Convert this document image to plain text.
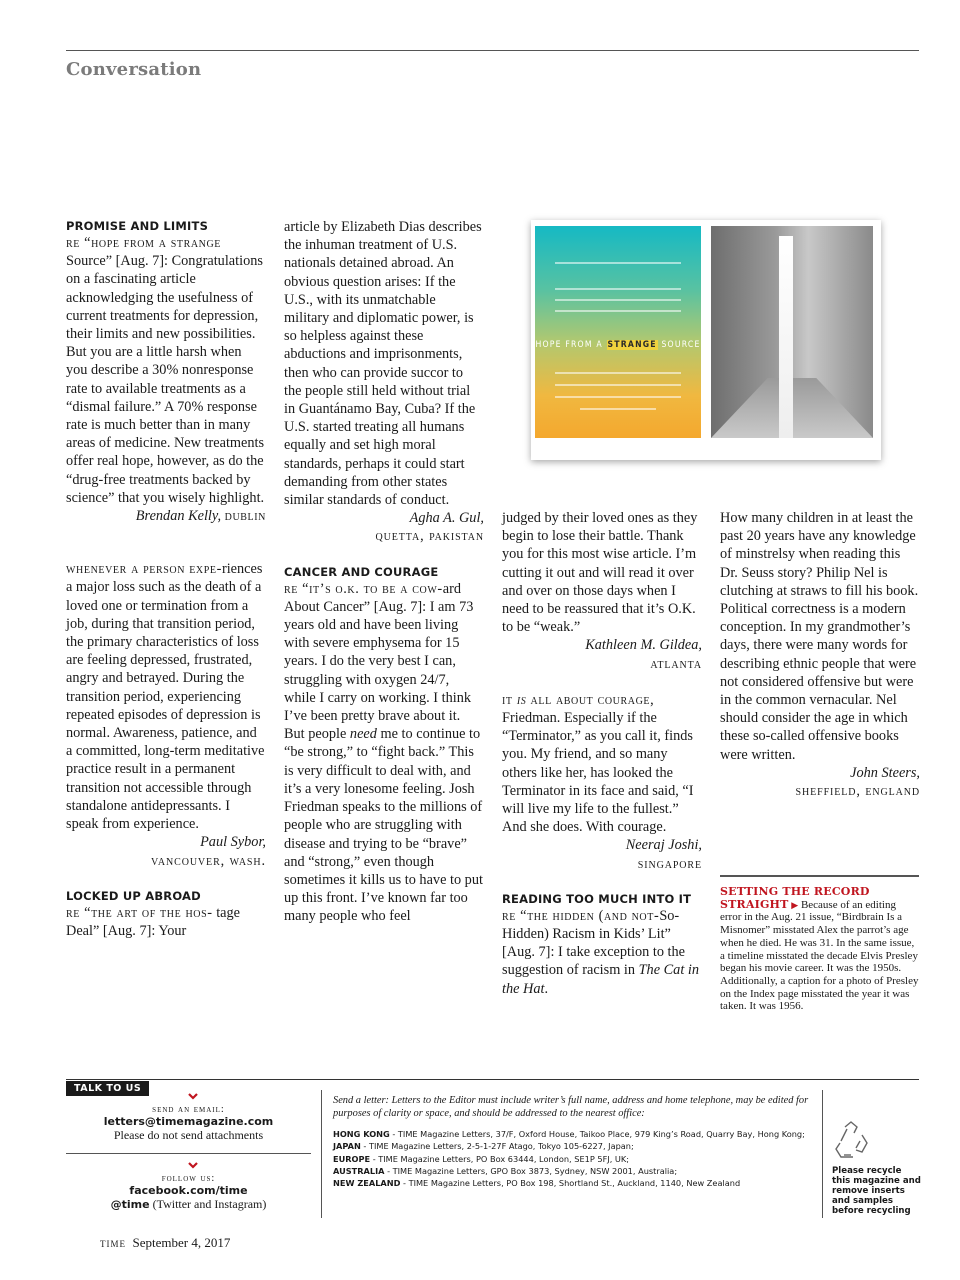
Conversation
PROMISE AND LIMITS

re “hope from a strange Source” [Aug. 7]: Congratulations on a fascinating article acknowledging the usefulness of current treatments for depression, their limits and new possibilities. But you are a little harsh when you describe a 30% nonresponse rate to available treatments as a “dismal failure.” A 70% response rate is much better than in many areas of medicine. New treatments offer real hope, however, as do the “drug-free treatments backed by science” that you wisely highlight.

Brendan Kelly, dublin

whenever a person expe-riences a major loss such as the death of a loved one or termination from a job, during that transition period, the primary characteristics of loss are feeling depressed, frustrated, angry and betrayed. During the transition period, experiencing repeated episodes of depression is normal. Awareness, patience, and a committed, long-term meditative practice result in a permanent transition not accessible through standalone antidepressants. I speak from experience.

Paul Sybor,
vancouver, wash.
LOCKED UP ABROAD

re “the art of the hos- tage Deal” [Aug. 7]: Your

article by Elizabeth Dias describes the inhuman treatment of U.S. nationals detained abroad. An obvious question arises: If the U.S., with its unmatchable military and diplomatic power, is so helpless against these abductions and imprisonments, then who can provide succor to the people still held without trial in Guantánamo Bay, Cuba? If the U.S. started treating all humans equally and set high moral standards, perhaps it could start demanding from other states similar standards of conduct.

Agha A. Gul,
quetta, pakistan
CANCER AND COURAGE

re “it’s o.k. to be a cow-ard About Cancer” [Aug. 7]: I am 73 years old and have been living with severe emphysema for 15 years. I do the very best I can, struggling with oxygen 24/7, while I carry on working. I think I’ve been pretty brave about it. But people need me to continue to “be strong,” to “fight back.” This is very difficult to deal with, and it’s a very lonesome feeling. Josh Friedman speaks to the millions of people who are struggling with disease and trying to be “brave” and “strong,” even though sometimes it kills us to have to put up this front. I’ve known far too many people who feel

HOPE FROM A STRANGE SOURCE

judged by their loved ones as they begin to lose their battle. Thank you for this most wise article. I’m cutting it out and will read it over and over on those days when I need to be reassured that it’s O.K. to be “weak.”

Kathleen M. Gildea,
atlanta

it is all about courage, Friedman. Especially if the “Terminator,” as you call it, finds you. My friend, and so many others like her, has looked the Terminator in its face and said, “I will live my life to the fullest.” And she does. With courage.

Neeraj Joshi,
singapore
READING TOO MUCH INTO IT

re “the hidden (and not-So-Hidden) Racism in Kids’ Lit” [Aug. 7]: I take exception to the suggestion of racism in The Cat in the Hat.

How many children in at least the past 20 years have any knowledge of minstrelsy when reading this Dr. Seuss story? Philip Nel is clutching at straws to fill his book. Political correctness is a modern conception. In my grandmother’s days, there were many words for describing ethnic people that were not considered offensive but were in the common vernacular. Nel should consider the age in which these so-called offensive books were written.

John Steers,
sheffield, england
SETTING THE RECORD
STRAIGHT ▶ Because of an editing error in the Aug. 21 issue, “Birdbrain Is a Misnomer” misstated Alex the parrot’s age when he died. He was 31. In the same issue, a timeline misstated the decade Elvis Presley began his movie career. It was the 1950s. Additionally, a caption for a photo of Presley on the Index page misstated the year it was taken. It was 1956.
TALK TO US
send an email:
letters@timemagazine.com
Please do not send attachments
follow us:
facebook.com/time
@time (Twitter and Instagram)
Send a letter: Letters to the Editor must include writer’s full name, address and home telephone, may be edited for purposes of clarity or space, and should be addressed to the nearest office:
HONG KONG - TIME Magazine Letters, 37/F, Oxford House, Taikoo Place, 979 King’s Road, Quarry Bay, Hong Kong;
JAPAN - TIME Magazine Letters, 2-5-1-27F Atago, Tokyo 105-6227, Japan;
EUROPE - TIME Magazine Letters, PO Box 63444, London, SE1P 5FJ, UK;
AUSTRALIA - TIME Magazine Letters, GPO Box 3873, Sydney, NSW 2001, Australia;
NEW ZEALAND - TIME Magazine Letters, PO Box 198, Shortland St., Auckland, 1140, New Zealand
Please recycle this magazine and remove inserts and samples before recycling
time September 4, 2017
